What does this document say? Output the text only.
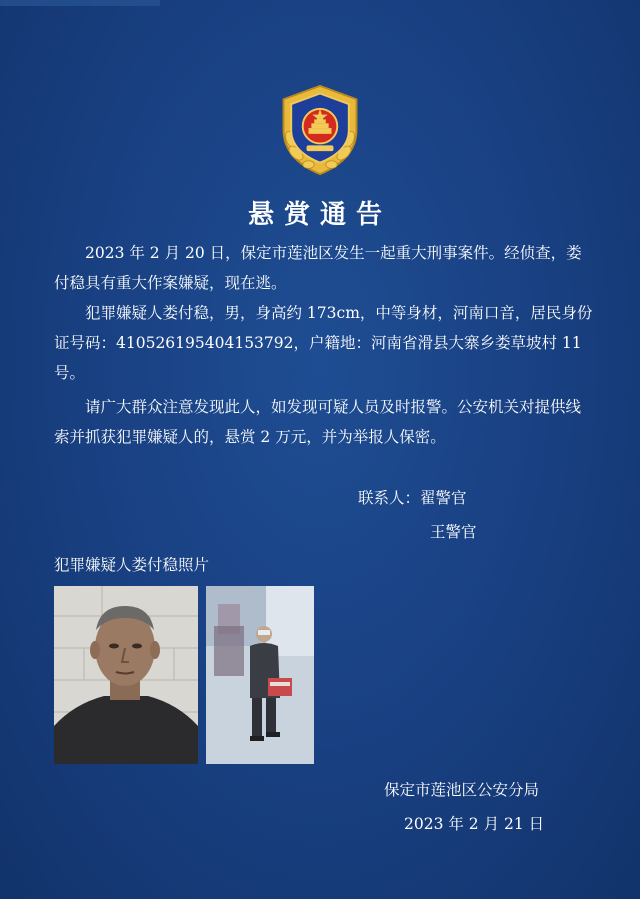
悬赏通告

2023 年 2 月 20 日，保定市莲池区发生一起重大刑事案件。经侦查，娄付稳具有重大作案嫌疑，现在逃。

犯罪嫌疑人娄付稳，男，身高约 173cm，中等身材，河南口音，居民身份证号码：410526195404153792，户籍地：河南省滑县大寨乡娄草坡村 11 号。

请广大群众注意发现此人，如发现可疑人员及时报警。公安机关对提供线索并抓获犯罪嫌疑人的，悬赏 2 万元，并为举报人保密。

联系人：翟警官
王警官
犯罪嫌疑人娄付稳照片
保定市莲池区公安分局
2023 年 2 月 21 日
